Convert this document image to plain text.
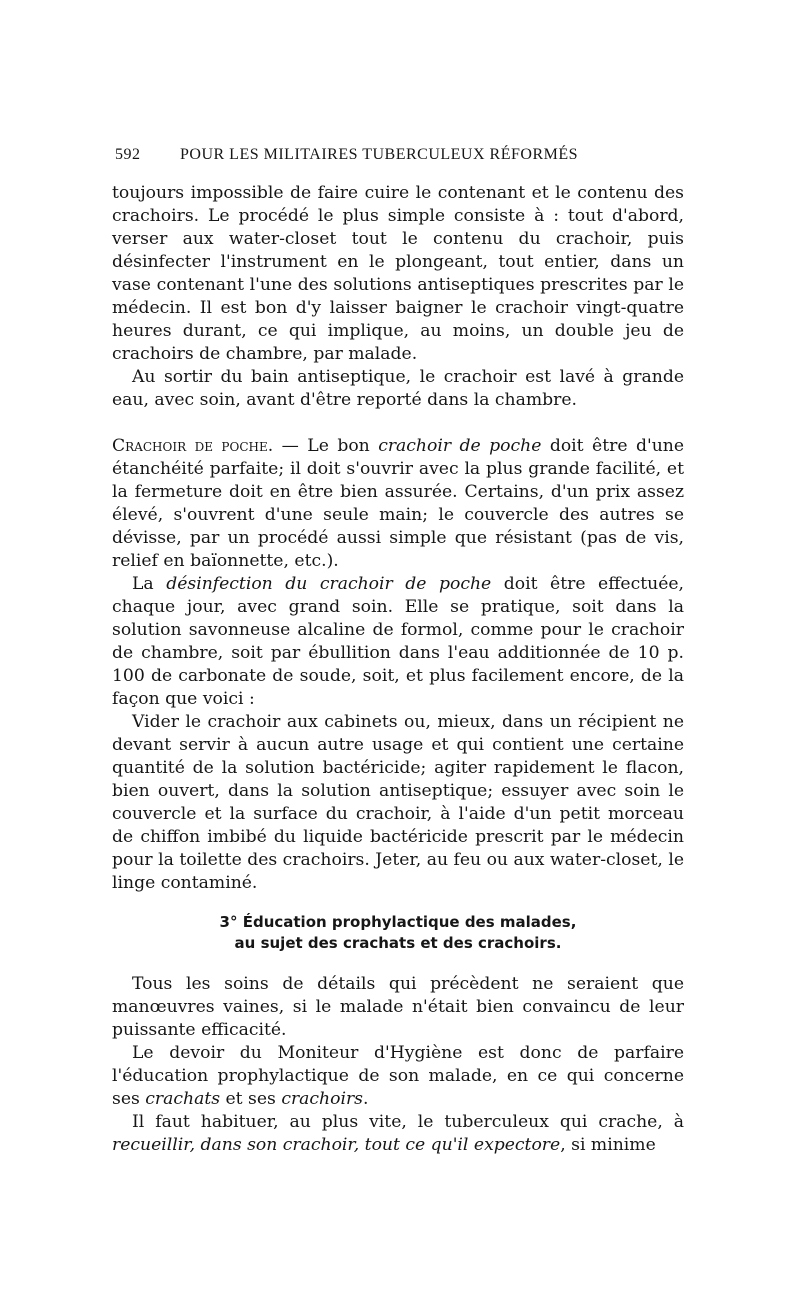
592 POUR LES MILITAIRES TUBERCULEUX RÉFORMÉS

toujours impossible de faire cuire le contenant et le contenu des crachoirs. Le procédé le plus simple consiste à : tout d'abord, verser aux water-closet tout le contenu du crachoir, puis désinfecter l'instrument en le plongeant, tout entier, dans un vase contenant l'une des solutions antiseptiques prescrites par le médecin. Il est bon d'y laisser baigner le crachoir vingt-quatre heures durant, ce qui implique, au moins, un double jeu de crachoirs de chambre, par malade.

Au sortir du bain antiseptique, le crachoir est lavé à grande eau, avec soin, avant d'être reporté dans la chambre.

Crachoir de poche. — Le bon crachoir de poche doit être d'une étanchéité parfaite; il doit s'ouvrir avec la plus grande facilité, et la fermeture doit en être bien assurée. Certains, d'un prix assez élevé, s'ouvrent d'une seule main; le couvercle des autres se dévisse, par un procédé aussi simple que résistant (pas de vis, relief en baïonnette, etc.).

La désinfection du crachoir de poche doit être effectuée, chaque jour, avec grand soin. Elle se pratique, soit dans la solution savonneuse alcaline de formol, comme pour le crachoir de chambre, soit par ébullition dans l'eau additionnée de 10 p. 100 de carbonate de soude, soit, et plus facilement encore, de la façon que voici :

Vider le crachoir aux cabinets ou, mieux, dans un récipient ne devant servir à aucun autre usage et qui contient une certaine quantité de la solution bactéricide; agiter rapidement le flacon, bien ouvert, dans la solution antiseptique; essuyer avec soin le couvercle et la surface du crachoir, à l'aide d'un petit morceau de chiffon imbibé du liquide bactéricide prescrit par le médecin pour la toilette des crachoirs. Jeter, au feu ou aux water-closet, le linge contaminé.

3° Éducation prophylactique des malades,
au sujet des crachats et des crachoirs.

Tous les soins de détails qui précèdent ne seraient que manœuvres vaines, si le malade n'était bien convaincu de leur puissante efficacité.

Le devoir du Moniteur d'Hygiène est donc de parfaire l'éducation prophylactique de son malade, en ce qui concerne ses crachats et ses crachoirs.

Il faut habituer, au plus vite, le tuberculeux qui crache, à recueillir, dans son crachoir, tout ce qu'il expectore, si minime
